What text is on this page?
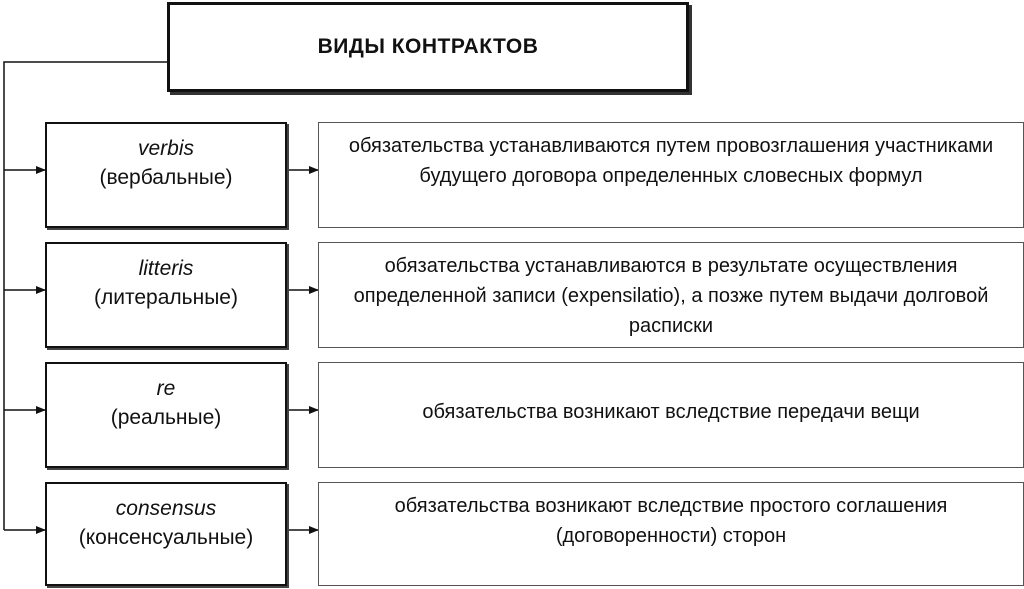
ВИДЫ КОНТРАКТОВ
verbis
(вербальные)
обязательства устанавливаются путем провозглашения участниками будущего договора определенных словесных формул
litteris
(литеральные)
обязательства устанавливаются в результате осуществления определенной записи (expensilatio), а позже путем выдачи долговой расписки
re
(реальные)	обязательства возникают вследствие передачи вещи
consensus
(консенсуальные)
обязательства возникают вследствие простого соглашения (договоренности) сторон
